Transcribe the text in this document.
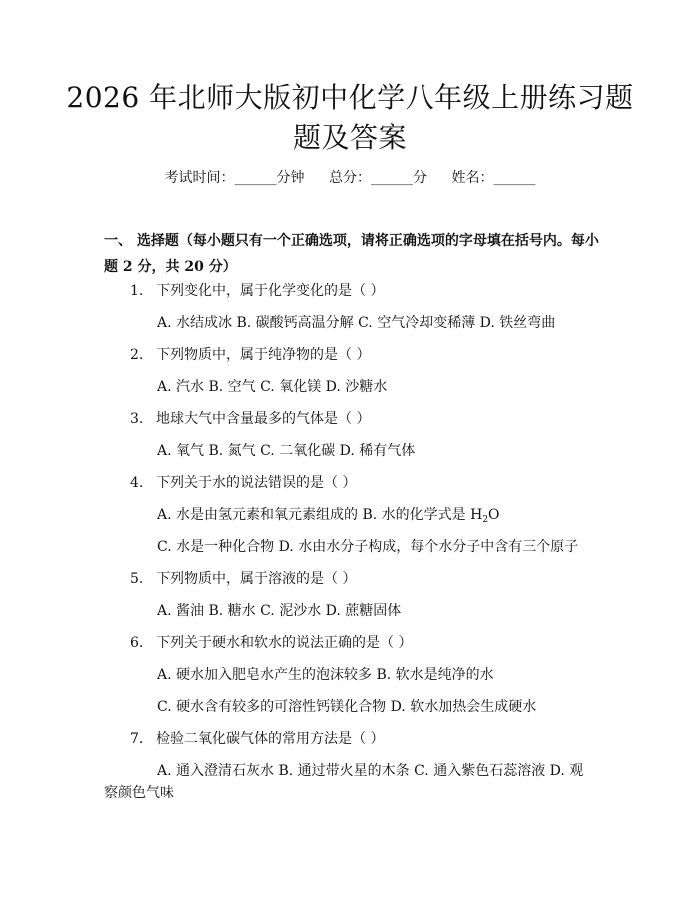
2026 年北师大版初中化学八年级上册练习题
题及答案
考试时间：______分钟 总分：______分 姓名：______
一、 选择题（每小题只有一个正确选项，请将正确选项的字母填在括号内。每小题 2 分，共 20 分）
1. 下列变化中，属于化学变化的是（ ）
A. 水结成冰 B. 碳酸钙高温分解 C. 空气冷却变稀薄 D. 铁丝弯曲
2. 下列物质中，属于纯净物的是（ ）
A. 汽水 B. 空气 C. 氧化镁 D. 沙糖水
3. 地球大气中含量最多的气体是（ ）
A. 氧气 B. 氮气 C. 二氧化碳 D. 稀有气体
4. 下列关于水的说法错误的是（ ）
A. 水是由氢元素和氧元素组成的 B. 水的化学式是 $H_2O$
C. 水是一种化合物 D. 水由水分子构成，每个水分子中含有三个原子
5. 下列物质中，属于溶液的是（ ）
A. 酱油 B. 糖水 C. 泥沙水 D. 蔗糖固体
6. 下列关于硬水和软水的说法正确的是（ ）
A. 硬水加入肥皂水产生的泡沫较多 B. 软水是纯净的水
C. 硬水含有较多的可溶性钙镁化合物 D. 软水加热会生成硬水
7. 检验二氧化碳气体的常用方法是（ ）
A. 通入澄清石灰水 B. 通过带火星的木条 C. 通入紫色石蕊溶液 D. 观
察颜色气味
